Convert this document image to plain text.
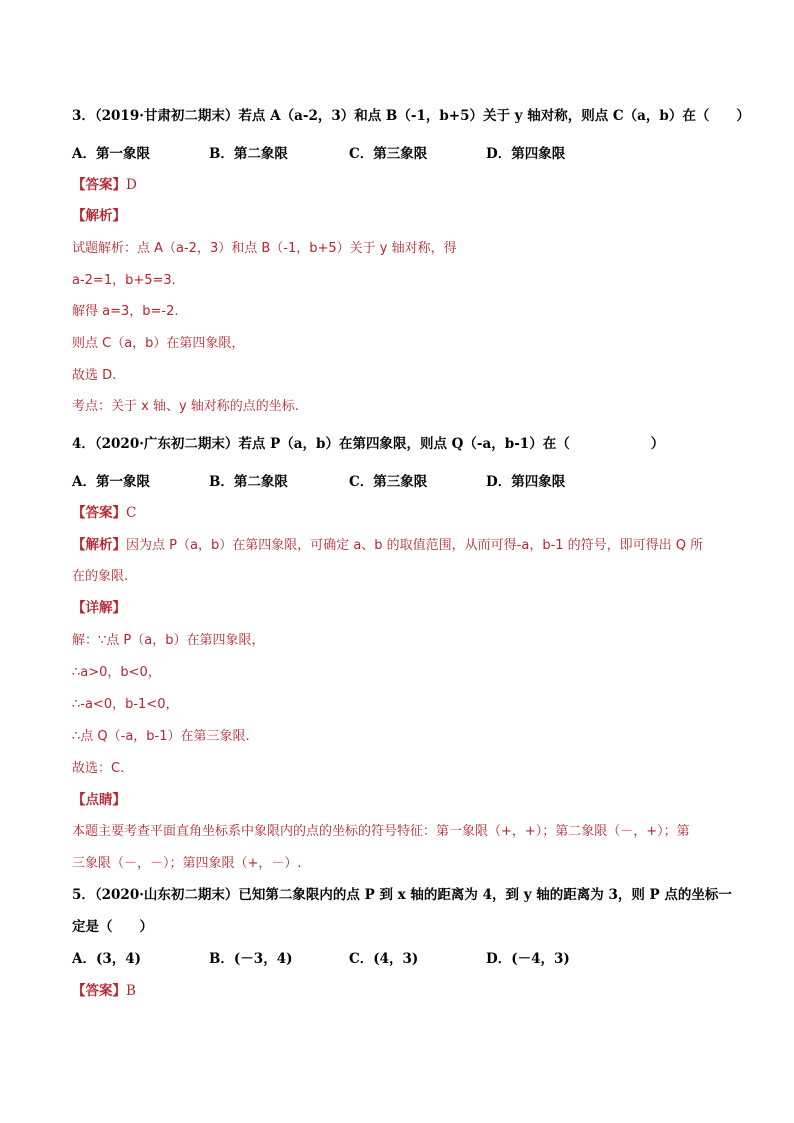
3．（2019·甘肃初二期末）若点 A（a-2，3）和点 B（-1，b+5）关于 y 轴对称，则点 C（a，b）在（　　）
A．第一象限	B．第二象限	C．第三象限	D．第四象限
【答案】D
【解析】
试题解析：点 A（a-2，3）和点 B（-1，b+5）关于 y 轴对称，得
a-2=1，b+5=3.
解得 a=3，b=-2.
则点 C（a，b）在第四象限，
故选 D.
考点：关于 x 轴、y 轴对称的点的坐标.
4．（2020·广东初二期末）若点 P（a，b）在第四象限，则点 Q（-a，b-1）在（　　　　　　）
A．第一象限	B．第二象限	C．第三象限	D．第四象限
【答案】C
【解析】因为点 P（a，b）在第四象限，可确定 a、b 的取值范围，从而可得-a，b-1 的符号，即可得出 Q 所
在的象限.
【详解】
解：∵点 P（a，b）在第四象限，
∴a>0，b<0，
∴-a<0，b-1<0，
∴点 Q（-a，b-1）在第三象限.
故选：C.
【点睛】
本题主要考查平面直角坐标系中象限内的点的坐标的符号特征：第一象限（+，+）；第二象限（－，+）；第
三象限（－，－）；第四象限（+，－）.
5．（2020·山东初二期末）已知第二象限内的点 P 到 x 轴的距离为 4，到 y 轴的距离为 3，则 P 点的坐标一
定是（　　）
A．(3，4)	B．(－3，4)	C．(4，3)	D．(－4，3)
【答案】B
